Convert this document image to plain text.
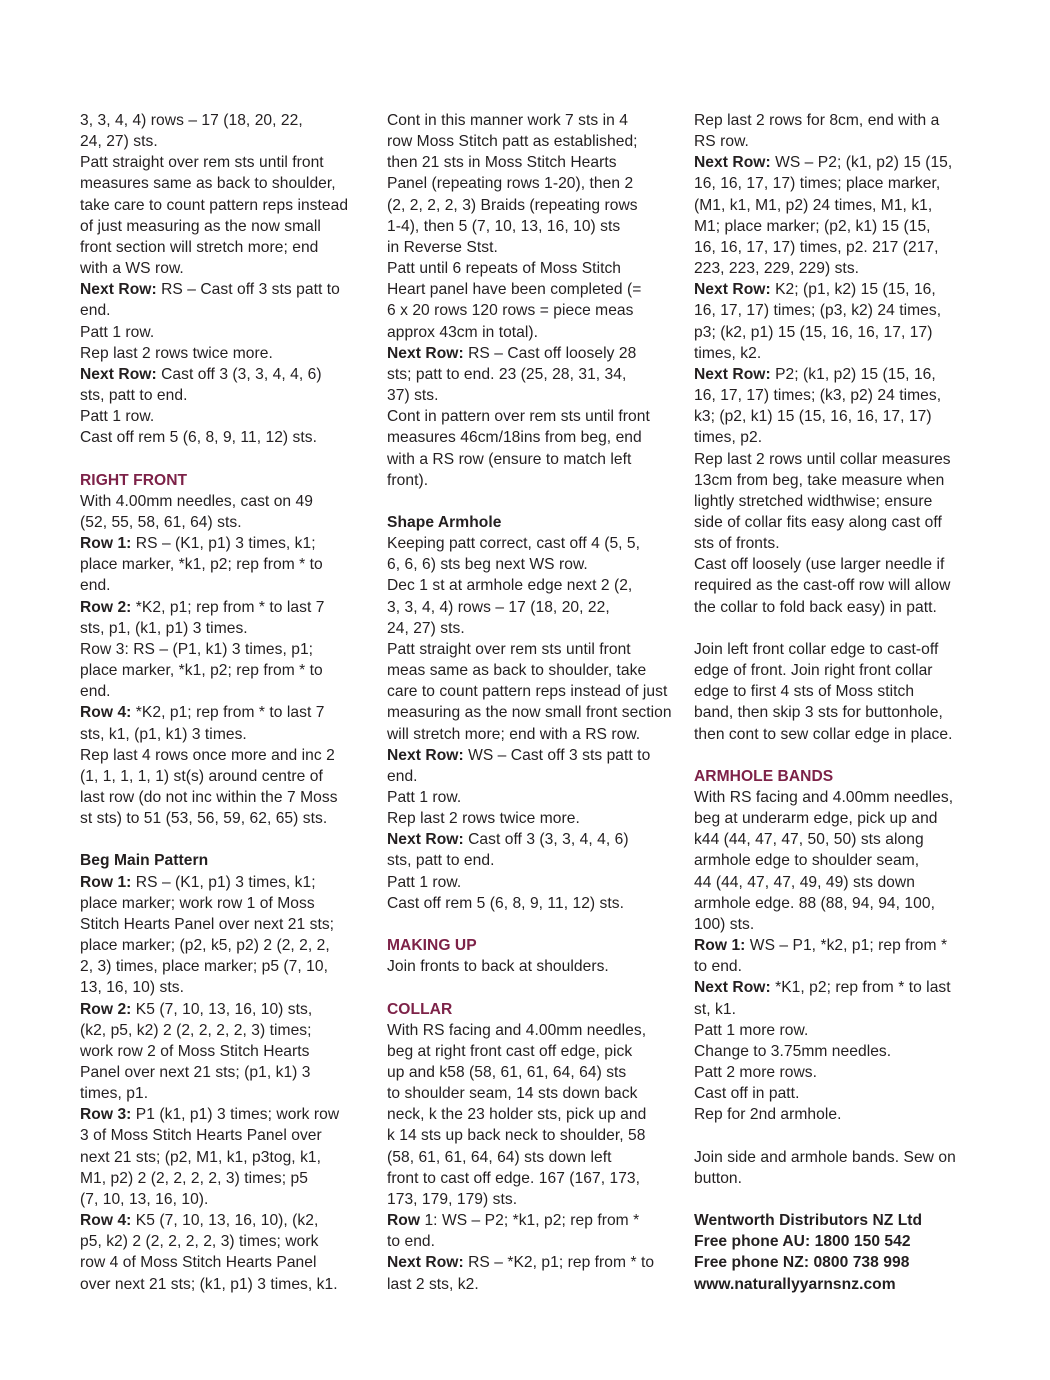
3, 3, 4, 4) rows – 17 (18, 20, 22,
24, 27) sts.
Patt straight over rem sts until front
measures same as back to shoulder,
take care to count pattern reps instead
of just measuring as the now small
front section will stretch more; end
with a WS row.
Next Row: RS – Cast off 3 sts patt to
end.
Patt 1 row.
Rep last 2 rows twice more.
Next Row: Cast off 3 (3, 3, 4, 4, 6)
sts, patt to end.
Patt 1 row.
Cast off rem 5 (6, 8, 9, 11, 12) sts.
RIGHT FRONT
With 4.00mm needles, cast on 49
(52, 55, 58, 61, 64) sts.
Row 1: RS – (K1, p1) 3 times, k1;
place marker, *k1, p2; rep from * to
end.
Row 2: *K2, p1; rep from * to last 7
sts, p1, (k1, p1) 3 times.
Row 3: RS – (P1, k1) 3 times, p1;
place marker, *k1, p2; rep from * to
end.
Row 4: *K2, p1; rep from * to last 7
sts, k1, (p1, k1) 3 times.
Rep last 4 rows once more and inc 2
(1, 1, 1, 1, 1) st(s) around centre of
last row (do not inc within the 7 Moss
st sts) to 51 (53, 56, 59, 62, 65) sts.
Beg Main Pattern
Row 1: RS – (K1, p1) 3 times, k1;
place marker; work row 1 of Moss
Stitch Hearts Panel over next 21 sts;
place marker; (p2, k5, p2) 2 (2, 2, 2,
2, 3) times, place marker; p5 (7, 10,
13, 16, 10) sts.
Row 2: K5 (7, 10, 13, 16, 10) sts,
(k2, p5, k2) 2 (2, 2, 2, 2, 3) times;
work row 2 of Moss Stitch Hearts
Panel over next 21 sts; (p1, k1) 3
times, p1.
Row 3: P1 (k1, p1) 3 times; work row
3 of Moss Stitch Hearts Panel over
next 21 sts; (p2, M1, k1, p3tog, k1,
M1, p2) 2 (2, 2, 2, 2, 3) times; p5
(7, 10, 13, 16, 10).
Row 4: K5 (7, 10, 13, 16, 10), (k2,
p5, k2) 2 (2, 2, 2, 2, 3) times; work
row 4 of Moss Stitch Hearts Panel
over next 21 sts; (k1, p1) 3 times, k1.
Cont in this manner work 7 sts in 4
row Moss Stitch patt as established;
then 21 sts in Moss Stitch Hearts
Panel (repeating rows 1-20), then 2
(2, 2, 2, 2, 3) Braids (repeating rows
1-4), then 5 (7, 10, 13, 16, 10) sts
in Reverse Stst.
Patt until 6 repeats of Moss Stitch
Heart panel have been completed (=
6 x 20 rows 120 rows = piece meas
approx 43cm in total).
Next Row: RS – Cast off loosely 28
sts; patt to end. 23 (25, 28, 31, 34,
37) sts.
Cont in pattern over rem sts until front
measures 46cm/18ins from beg, end
with a RS row (ensure to match left
front).
Shape Armhole
Keeping patt correct, cast off 4 (5, 5,
6, 6, 6) sts beg next WS row.
Dec 1 st at armhole edge next 2 (2,
3, 3, 4, 4) rows – 17 (18, 20, 22,
24, 27) sts.
Patt straight over rem sts until front
meas same as back to shoulder, take
care to count pattern reps instead of just
measuring as the now small front section
will stretch more; end with a RS row.
Next Row: WS – Cast off 3 sts patt to
end.
Patt 1 row.
Rep last 2 rows twice more.
Next Row: Cast off 3 (3, 3, 4, 4, 6)
sts, patt to end.
Patt 1 row.
Cast off rem 5 (6, 8, 9, 11, 12) sts.
MAKING UP
Join fronts to back at shoulders.
COLLAR
With RS facing and 4.00mm needles,
beg at right front cast off edge, pick
up and k58 (58, 61, 61, 64, 64) sts
to shoulder seam, 14 sts down back
neck, k the 23 holder sts, pick up and
k 14 sts up back neck to shoulder, 58
(58, 61, 61, 64, 64) sts down left
front to cast off edge. 167 (167, 173,
173, 179, 179) sts.
Row 1: WS – P2; *k1, p2; rep from *
to end.
Next Row: RS – *K2, p1; rep from * to
last 2 sts, k2.
Rep last 2 rows for 8cm, end with a
RS row.
Next Row: WS – P2; (k1, p2) 15 (15,
16, 16, 17, 17) times; place marker,
(M1, k1, M1, p2) 24 times, M1, k1,
M1; place marker; (p2, k1) 15 (15,
16, 16, 17, 17) times, p2. 217 (217,
223, 223, 229, 229) sts.
Next Row: K2; (p1, k2) 15 (15, 16,
16, 17, 17) times; (p3, k2) 24 times,
p3; (k2, p1) 15 (15, 16, 16, 17, 17)
times, k2.
Next Row: P2; (k1, p2) 15 (15, 16,
16, 17, 17) times; (k3, p2) 24 times,
k3; (p2, k1) 15 (15, 16, 16, 17, 17)
times, p2.
Rep last 2 rows until collar measures
13cm from beg, take measure when
lightly stretched widthwise; ensure
side of collar fits easy along cast off
sts of fronts.
Cast off loosely (use larger needle if
required as the cast-off row will allow
the collar to fold back easy) in patt.
Join left front collar edge to cast-off
edge of front. Join right front collar
edge to first 4 sts of Moss stitch
band, then skip 3 sts for buttonhole,
then cont to sew collar edge in place.
ARMHOLE BANDS
With RS facing and 4.00mm needles,
beg at underarm edge, pick up and
k44 (44, 47, 47, 50, 50) sts along
armhole edge to shoulder seam,
44 (44, 47, 47, 49, 49) sts down
armhole edge. 88 (88, 94, 94, 100,
100) sts.
Row 1: WS – P1, *k2, p1; rep from *
to end.
Next Row: *K1, p2; rep from * to last
st, k1.
Patt 1 more row.
Change to 3.75mm needles.
Patt 2 more rows.
Cast off in patt.
Rep for 2nd armhole.
Join side and armhole bands. Sew on
button.
Wentworth Distributors NZ Ltd
Free phone AU: 1800 150 542
Free phone NZ: 0800 738 998
www.naturallyyarnsnz.com
